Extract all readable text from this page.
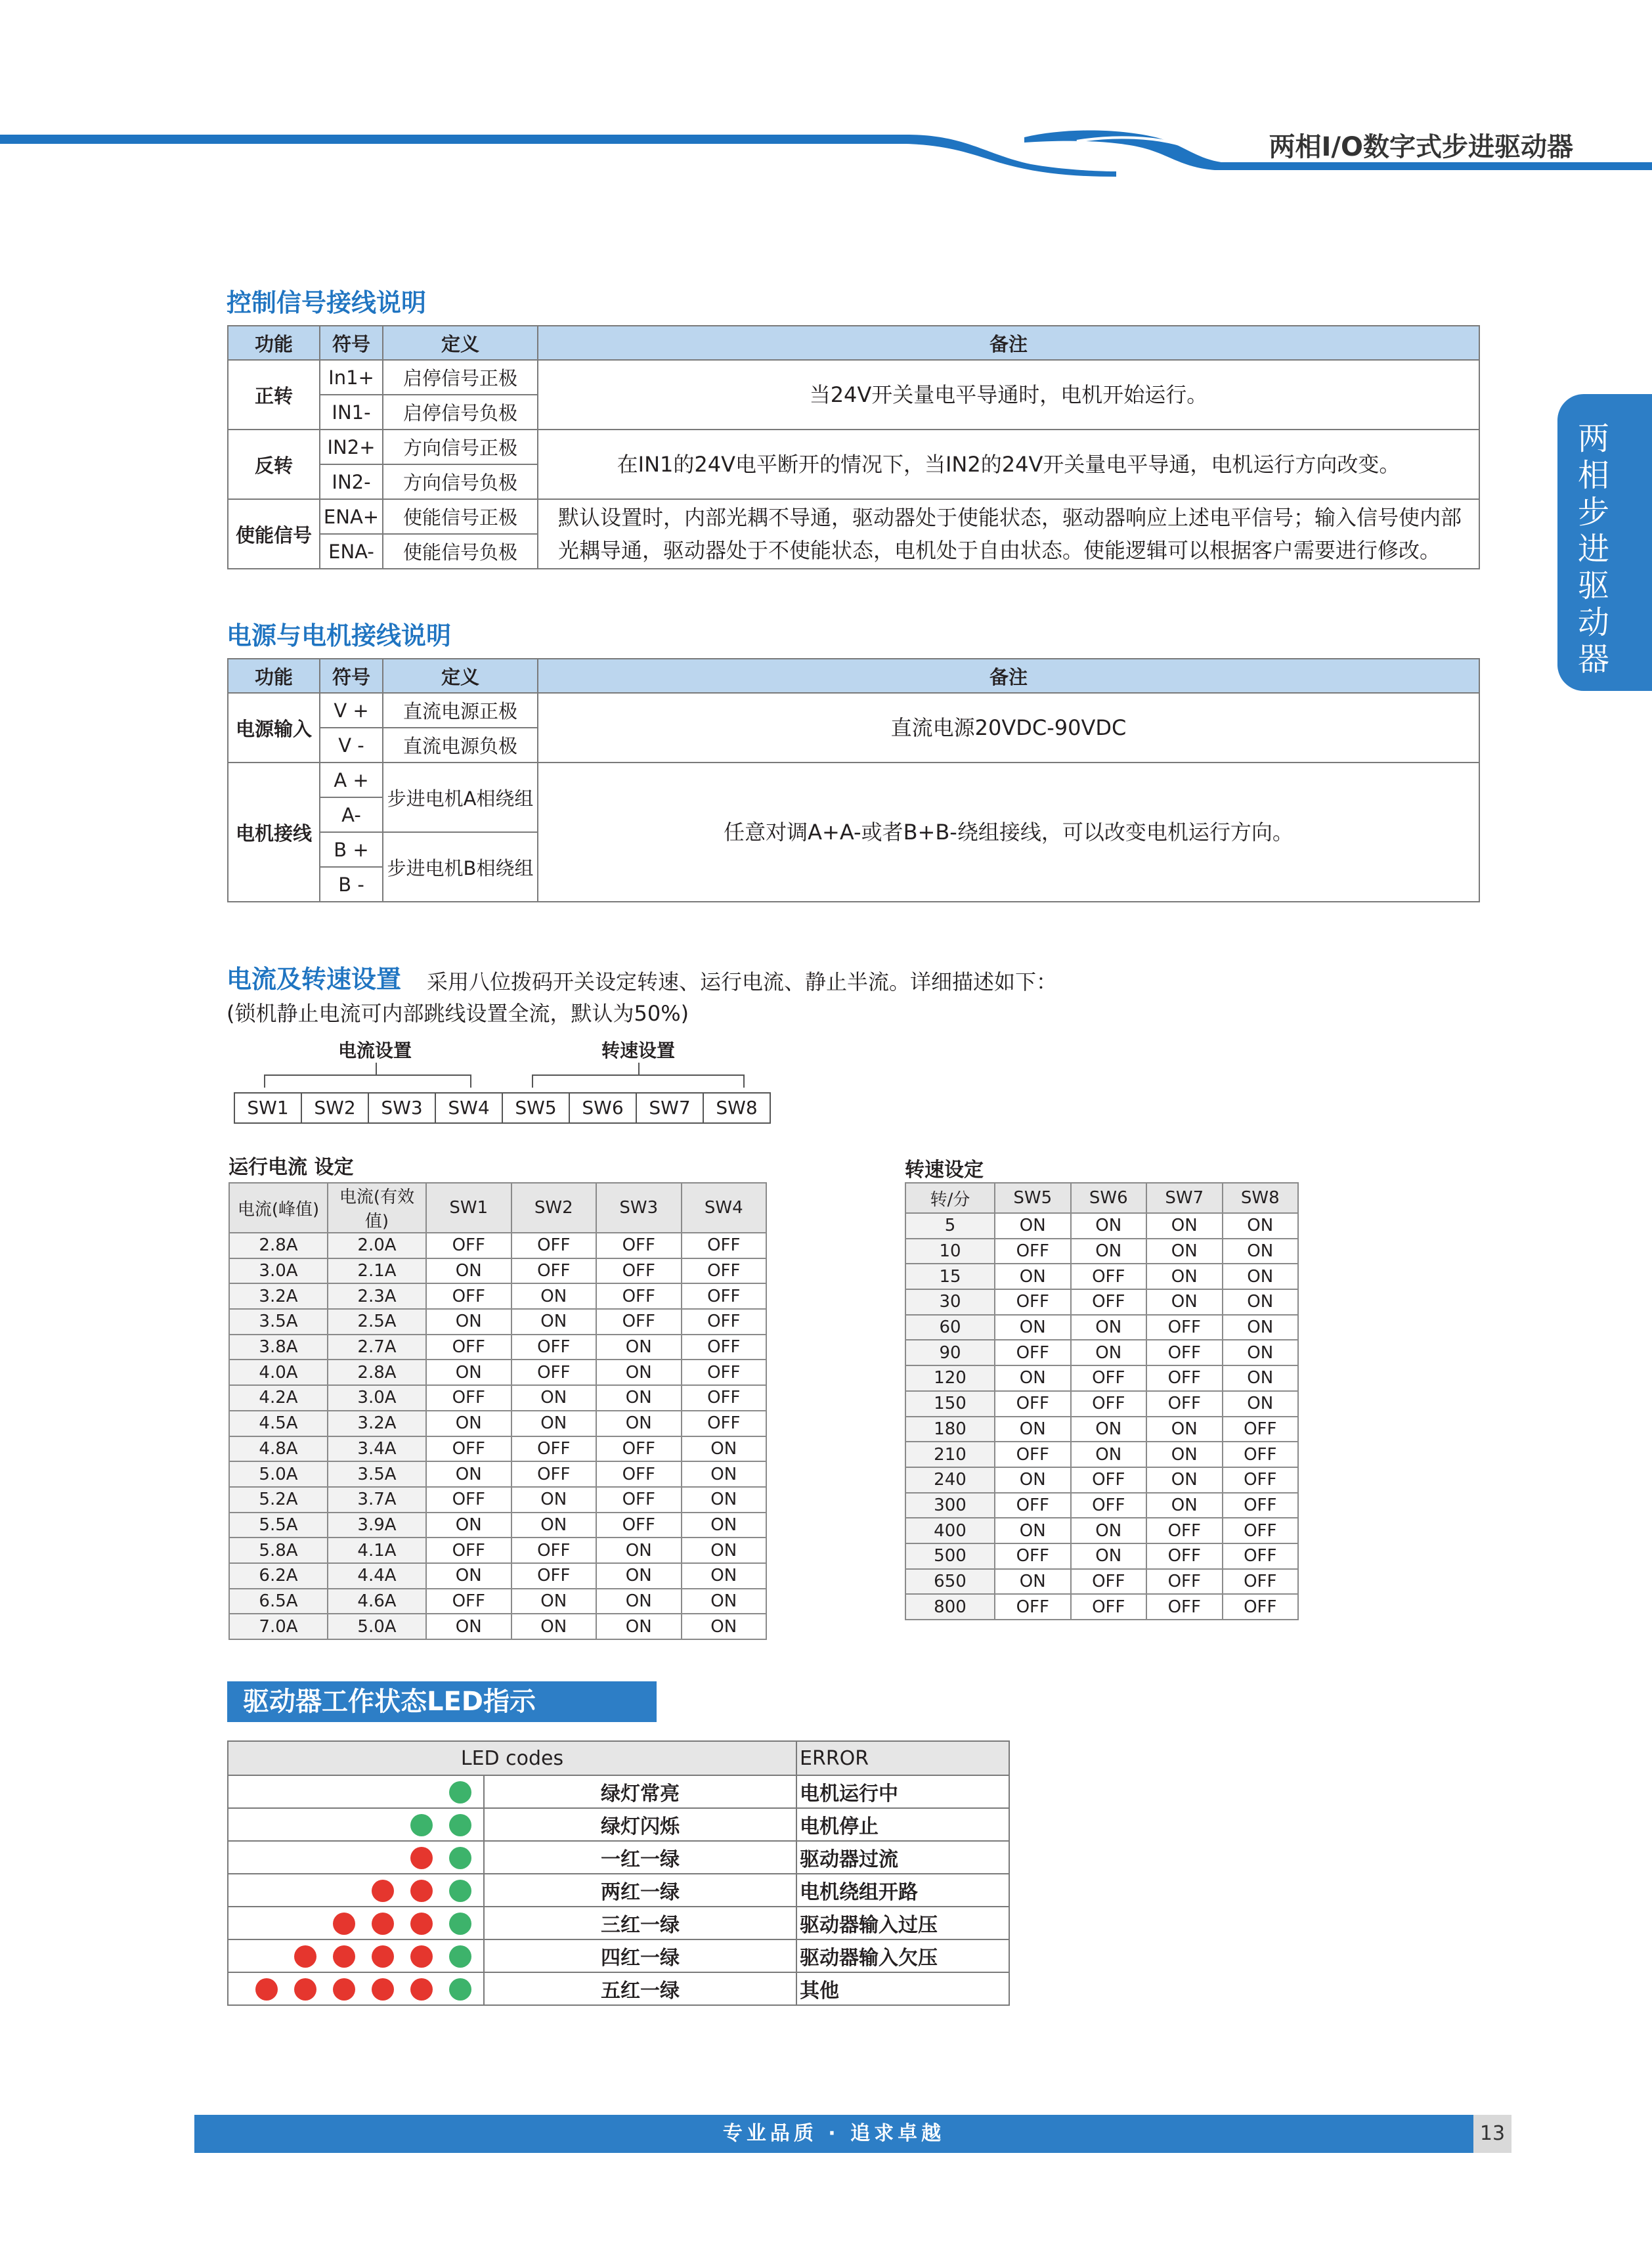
两相I/O数字式步进驱动器
两
相
步
进
驱
动
器
控制信号接线说明
功能	符号	定义	备注
正转	In1+	启停信号正极	当24V开关量电平导通时，电机开始运行。
	IN1-	启停信号负极	
反转	IN2+	方向信号正极	在IN1的24V电平断开的情况下，当IN2的24V开关量电平导通，电机运行方向改变。
	IN2-	方向信号负极	
使能信号	ENA+	使能信号正极	默认设置时，内部光耦不导通，驱动器处于使能状态，驱动器响应上述电平信号；输入信号使内部
光耦导通，驱动器处于不使能状态，电机处于自由状态。使能逻辑可以根据客户需要进行修改。

	ENA-	使能信号负极	
电源与电机接线说明
功能	符号	定义	备注
电源输入	V +	直流电源正极	直流电源20VDC-90VDC
	V -	直流电源负极	
电机接线	A +	步进电机A相绕组	任意对调A+A-或者B+B-绕组接线，可以改变电机运行方向。
	A-		
	B +	步进电机B相绕组	
	B -		
电流及转速设置 采用八位拨码开关设定转速、运行电流、静止半流。详细描述如下：
(锁机静止电流可内部跳线设置全流，默认为50%)
电流设置	转速设置
SW1	SW2	SW3	SW4	SW5	SW6	SW7	SW8
运行电流 设定
电流(峰值)	电流(有效值)	SW1	SW2	SW3	SW4
2.8A	2.0A	OFF	OFF	OFF	OFF
3.0A	2.1A	ON	OFF	OFF	OFF
3.2A	2.3A	OFF	ON	OFF	OFF
3.5A	2.5A	ON	ON	OFF	OFF
3.8A	2.7A	OFF	OFF	ON	OFF
4.0A	2.8A	ON	OFF	ON	OFF
4.2A	3.0A	OFF	ON	ON	OFF
4.5A	3.2A	ON	ON	ON	OFF
4.8A	3.4A	OFF	OFF	OFF	ON
5.0A	3.5A	ON	OFF	OFF	ON
5.2A	3.7A	OFF	ON	OFF	ON
5.5A	3.9A	ON	ON	OFF	ON
5.8A	4.1A	OFF	OFF	ON	ON
6.2A	4.4A	ON	OFF	ON	ON
6.5A	4.6A	OFF	ON	ON	ON
7.0A	5.0A	ON	ON	ON	ON
转速设定
转/分	SW5	SW6	SW7	SW8
5	ON	ON	ON	ON
10	OFF	ON	ON	ON
15	ON	OFF	ON	ON
30	OFF	OFF	ON	ON
60	ON	ON	OFF	ON
90	OFF	ON	OFF	ON
120	ON	OFF	OFF	ON
150	OFF	OFF	OFF	ON
180	ON	ON	ON	OFF
210	OFF	ON	ON	OFF
240	ON	OFF	ON	OFF
300	OFF	OFF	ON	OFF
400	ON	ON	OFF	OFF
500	OFF	ON	OFF	OFF
650	ON	OFF	OFF	OFF
800	OFF	OFF	OFF	OFF
驱动器工作状态LED指示
LED codes		ERROR
	绿灯常亮	电机运行中
	绿灯闪烁	电机停止
	一红一绿	驱动器过流
	两红一绿	电机绕组开路
	三红一绿	驱动器输入过压
	四红一绿	驱动器输入欠压
	五红一绿	其他
专业品质 · 追求卓越	13
